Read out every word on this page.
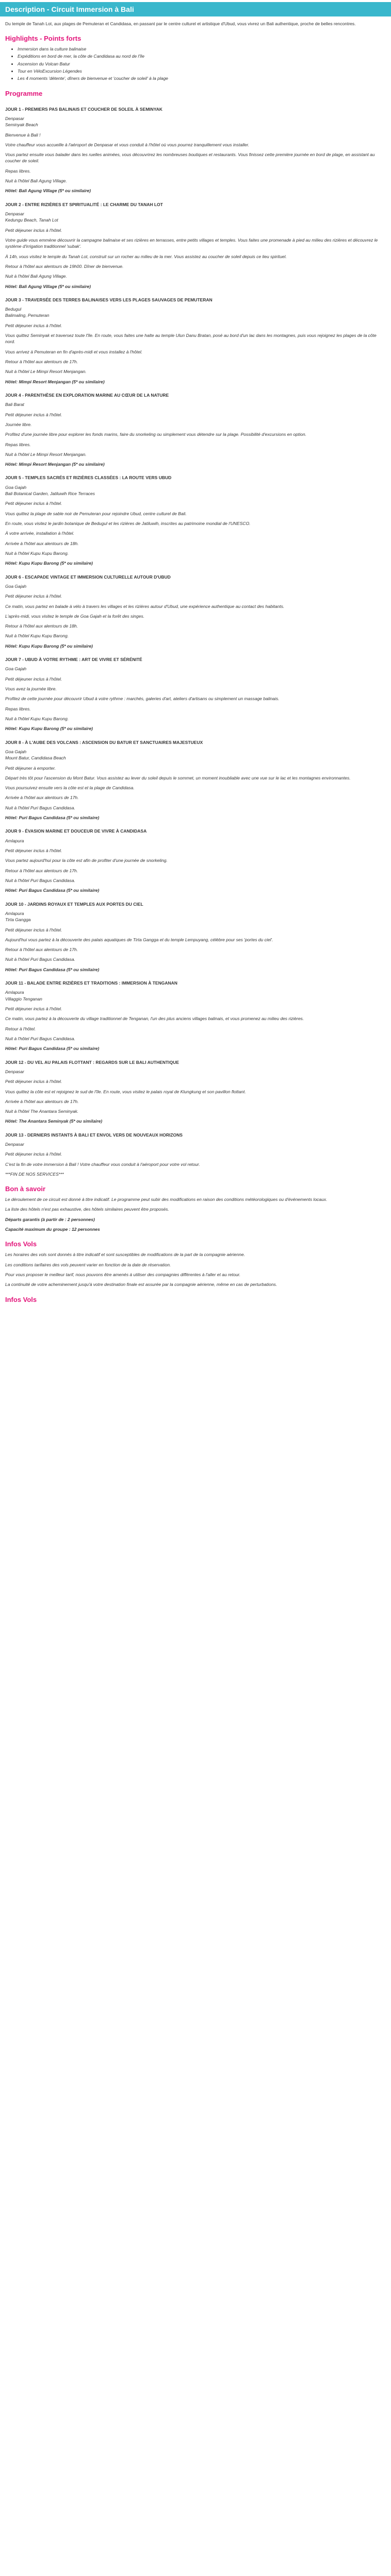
Description - Circuit Immersion à Bali
Du temple de Tanah Lot, aux plages de Pemuteran et Candidasa, en passant par le centre culturel et artistique d'Ubud, vous vivrez un Bali authentique, proche de belles rencontres.
Highlights - Points forts
• Immersion dans la culture balinaise
• Expéditions en bord de mer, la côte de Candidasa au nord de l'île
• Ascension du Volcan Batur
• Tour en VéloExcursion Légendes
• Les 4 moments 'détente', dîners de bienvenue et 'coucher de soleil' à la plage
Programme
JOUR 1 - PREMIERS PAS BALINAIS ET COUCHER DE SOLEIL À SEMINYAK
Denpasar
Seminyak Beach

Bienvenue à Bali !

Votre chauffeur vous accueille à l'aéroport de Denpasar et vous conduit à l'hôtel où vous pourrez tranquillement vous installer.

Vous partez ensuite vous balader dans les ruelles animées, vous découvrirez les nombreuses boutiques et restaurants. Vous finissez cette première journée en bord de plage, en assistant au coucher de soleil.

Repas libres.

Nuit à l'hôtel Bali Agung Village.

Hôtel: Bali Agung Village (5* ou similaire)

JOUR 2 - ENTRE RIZIÈRES ET SPIRITUALITÉ : LE CHARME DU TANAH LOT
Denpasar
Kedungu Beach, Tanah Lot

Petit déjeuner inclus à l'hôtel.

Votre guide vous emmène découvrir la campagne balinaise et ses rizières en terrasses, entre petits villages et temples. Vous faites une promenade à pied au milieu des rizières et découvrez le système d'irrigation traditionnel 'subak'.

À 14h, vous visitez le temple du Tanah Lot, construit sur un rocher au milieu de la mer. Vous assistez au coucher de soleil depuis ce lieu spirituel.

Retour à l'hôtel aux alentours de 19h00. Dîner de bienvenue.

Nuit à l'hôtel Bali Agung Village.

Hôtel: Bali Agung Village (5* ou similaire)

JOUR 3 - TRAVERSÉE DES TERRES BALINAISES VERS LES PLAGES SAUVAGES DE PEMUTERAN
Bedugul
Balimaling, Pemuteran

Petit déjeuner inclus à l'hôtel.

Vous quittez Seminyak et traversez toute l'île. En route, vous faites une halte au temple Ulun Danu Bratan, posé au bord d'un lac dans les montagnes, puis vous rejoignez les plages de la côte nord.

Vous arrivez à Pemuteran en fin d'après-midi et vous installez à l'hôtel.

Retour à l'hôtel aux alentours de 17h.

Nuit à l'hôtel Le Mimpi Resort Menjangan.

Hôtel: Mimpi Resort Menjangan (5* ou similaire)

JOUR 4 - PARENTHÈSE EN EXPLORATION MARINE AU CŒUR DE LA NATURE
Bali Barat

Petit déjeuner inclus à l'hôtel.

Journée libre.

Profitez d'une journée libre pour explorer les fonds marins, faire du snorkeling ou simplement vous détendre sur la plage. Possibilité d'excursions en option.

Repas libres.

Nuit à l'hôtel Le Mimpi Resort Menjangan.

Hôtel: Mimpi Resort Menjangan (5* ou similaire)

JOUR 5 - TEMPLES SACRÉS ET RIZIÈRES CLASSÉES : LA ROUTE VERS UBUD
Goa Gajah
Bali Botanical Garden, Jatiluwih Rice Terraces

Petit déjeuner inclus à l'hôtel.

Vous quittez la plage de sable noir de Pemuteran pour rejoindre Ubud, centre culturel de Bali.

En route, vous visitez le jardin botanique de Bedugul et les rizières de Jatiluwih, inscrites au patrimoine mondial de l'UNESCO.

À votre arrivée, installation à l'hôtel.

Arrivée à l'hôtel aux alentours de 18h.

Nuit à l'hôtel Kupu Kupu Barong.

Hôtel: Kupu Kupu Barong (5* ou similaire)

JOUR 6 - ESCAPADE VINTAGE ET IMMERSION CULTURELLE AUTOUR D'UBUD
Goa Gajah

Petit déjeuner inclus à l'hôtel.

Ce matin, vous partez en balade à vélo à travers les villages et les rizières autour d'Ubud, une expérience authentique au contact des habitants.

L'après-midi, vous visitez le temple de Goa Gajah et la forêt des singes.

Retour à l'hôtel aux alentours de 18h.

Nuit à l'hôtel Kupu Kupu Barong.

Hôtel: Kupu Kupu Barong (5* ou similaire)

JOUR 7 - UBUD À VOTRE RYTHME : ART DE VIVRE ET SÉRÉNITÉ
Goa Gajah

Petit déjeuner inclus à l'hôtel.

Vous avez la journée libre.

Profitez de cette journée pour découvrir Ubud à votre rythme : marchés, galeries d'art, ateliers d'artisans ou simplement un massage balinais.

Repas libres.

Nuit à l'hôtel Kupu Kupu Barong.

Hôtel: Kupu Kupu Barong (5* ou similaire)

JOUR 8 - À L'AUBE DES VOLCANS : ASCENSION DU BATUR ET SANCTUAIRES MAJESTUEUX
Goa Gajah
Mount Batur, Candidasa Beach

Petit déjeuner à emporter.

Départ très tôt pour l'ascension du Mont Batur. Vous assistez au lever du soleil depuis le sommet, un moment inoubliable avec une vue sur le lac et les montagnes environnantes.

Vous poursuivez ensuite vers la côte est et la plage de Candidasa.

Arrivée à l'hôtel aux alentours de 17h.

Nuit à l'hôtel Puri Bagus Candidasa.

Hôtel: Puri Bagus Candidasa (5* ou similaire)

JOUR 9 - ÉVASION MARINE ET DOUCEUR DE VIVRE À CANDIDASA
Amlapura

Petit déjeuner inclus à l'hôtel.

Vous partez aujourd'hui pour la côte est afin de profiter d'une journée de snorkeling.

Retour à l'hôtel aux alentours de 17h.

Nuit à l'hôtel Puri Bagus Candidasa.

Hôtel: Puri Bagus Candidasa (5* ou similaire)

JOUR 10 - JARDINS ROYAUX ET TEMPLES AUX PORTES DU CIEL
Amlapura
Tirta Gangga

Petit déjeuner inclus à l'hôtel.

Aujourd'hui vous partez à la découverte des palais aquatiques de Tirta Gangga et du temple Lempuyang, célèbre pour ses 'portes du ciel'.

Retour à l'hôtel aux alentours de 17h.

Nuit à l'hôtel Puri Bagus Candidasa.

Hôtel: Puri Bagus Candidasa (5* ou similaire)

JOUR 11 - BALADE ENTRE RIZIÈRES ET TRADITIONS : IMMERSION À TENGANAN
Amlapura
Villaggio Tenganan

Petit déjeuner inclus à l'hôtel.

Ce matin, vous partez à la découverte du village traditionnel de Tenganan, l'un des plus anciens villages balinais, et vous promenez au milieu des rizières.

Retour à l'hôtel.

Nuit à l'hôtel Puri Bagus Candidasa.

Hôtel: Puri Bagus Candidasa (5* ou similaire)

JOUR 12 - DU VEL AU PALAIS FLOTTANT : REGARDS SUR LE BALI AUTHENTIQUE
Denpasar

Petit déjeuner inclus à l'hôtel.

Vous quittez la côte est et rejoignez le sud de l'île. En route, vous visitez le palais royal de Klungkung et son pavillon flottant.

Arrivée à l'hôtel aux alentours de 17h.

Nuit à l'hôtel The Anantara Seminyak.

Hôtel: The Anantara Seminyak (5* ou similaire)

JOUR 13 - DERNIERS INSTANTS À BALI ET ENVOL VERS DE NOUVEAUX HORIZONS
Denpasar

Petit déjeuner inclus à l'hôtel.

C'est la fin de votre immersion à Bali ! Votre chauffeur vous conduit à l'aéroport pour votre vol retour.

***FIN DE NOS SERVICES***

Bon à savoir

Le déroulement de ce circuit est donné à titre indicatif. Le programme peut subir des modifications en raison des conditions météorologiques ou d'événements locaux.

La liste des hôtels n'est pas exhaustive, des hôtels similaires peuvent être proposés.

Départs garantis (à partir de : 2 personnes)

Capacité maximum du groupe : 12 personnes

Infos Vols

Les horaires des vols sont donnés à titre indicatif et sont susceptibles de modifications de la part de la compagnie aérienne.

Les conditions tarifaires des vols peuvent varier en fonction de la date de réservation.

Pour vous proposer le meilleur tarif, nous pouvons être amenés à utiliser des compagnies différentes à l'aller et au retour.

La continuité de votre acheminement jusqu'à votre destination finale est assurée par la compagnie aérienne, même en cas de perturbations.

Infos Vols
